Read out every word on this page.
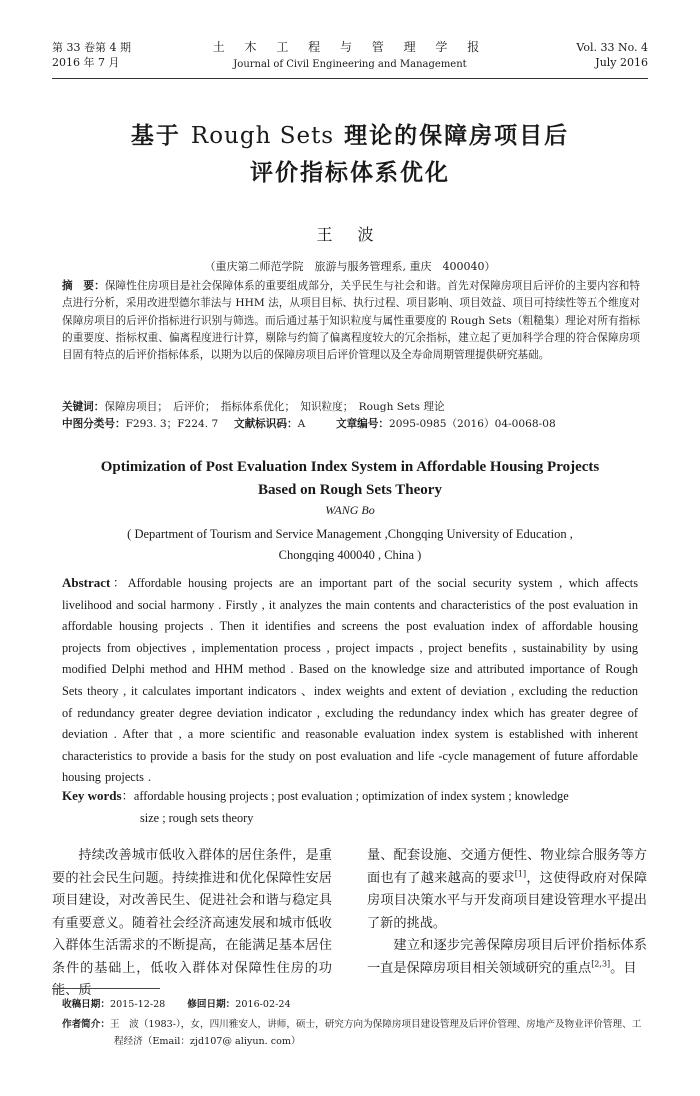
第 33 卷第 4 期
2016 年 7 月
土 木 工 程 与 管 理 学 报
Journal of Civil Engineering and Management
Vol. 33 No. 4
July 2016
基于 Rough Sets 理论的保障房项目后
评价指标体系优化
王 波
（重庆第二师范学院　旅游与服务管理系, 重庆　400040）
摘　要：保障性住房项目是社会保障体系的重要组成部分，关乎民生与社会和谐。首先对保障房项目后评价的主要内容和特点进行分析，采用改进型德尔菲法与 HHM 法，从项目目标、执行过程、项目影响、项目效益、项目可持续性等五个维度对保障房项目的后评价指标进行识别与筛选。而后通过基于知识粒度与属性重要度的 Rough Sets（粗糙集）理论对所有指标的重要度、指标权重、偏离程度进行计算，剔除与约简了偏离程度较大的冗余指标，建立起了更加科学合理的符合保障房项目固有特点的后评价指标体系，以期为以后的保障房项目后评价管理以及全寿命周期管理提供研究基础。
关键词：保障房项目；　后评价；　指标体系优化；　知识粒度；　Rough Sets 理论
中图分类号：F293. 3；F224. 7 文献标识码：A	文章编号：2095-0985（2016）04-0068-08
Optimization of Post Evaluation Index System in Affordable Housing Projects
Based on Rough Sets Theory
WANG Bo
( Department of Tourism and Service Management ,Chongqing University of Education ,
Chongqing 400040 , China )
Abstract：Affordable housing projects are an important part of the social security system , which affects livelihood and social harmony . Firstly , it analyzes the main contents and characteristics of the post evaluation in affordable housing projects . Then it identifies and screens the post evaluation index of affordable housing projects from objectives , implementation process , project impacts , project benefits , sustainability by using modified Delphi method and HHM method . Based on the knowledge size and attributed importance of Rough Sets theory , it calculates important indicators 、index weights and extent of deviation , excluding the reduction of redundancy greater degree deviation indicator , excluding the redundancy index which has greater degree of deviation . After that , a more scientific and reasonable evaluation index system is established with inherent characteristics to provide a basis for the study on post evaluation and life -cycle management of future affordable housing projects .
Key words：affordable housing projects ; post evaluation ; optimization of index system ; knowledge
size ; rough sets theory

持续改善城市低收入群体的居住条件，是重要的社会民生问题。持续推进和优化保障性安居项目建设，对改善民生、促进社会和谐与稳定具有重要意义。随着社会经济高速发展和城市低收入群体生活需求的不断提高，在能满足基本居住条件的基础上，低收入群体对保障性住房的功能、质

量、配套设施、交通方便性、物业综合服务等方面也有了越来越高的要求[1]，这使得政府对保障房项目决策水平与开发商项目建设管理水平提出了新的挑战。

建立和逐步完善保障房项目后评价指标体系一直是保障房项目相关领域研究的重点[2,3]。目

收稿日期：2015-12-28 修回日期：2016-02-24
作者简介：王　波（1983-），女，四川雅安人，讲师，硕士，研究方向为保障房项目建设管理及后评价管理、房地产及物业评价管理、工
程经济（Email：zjd107@ aliyun. com）
